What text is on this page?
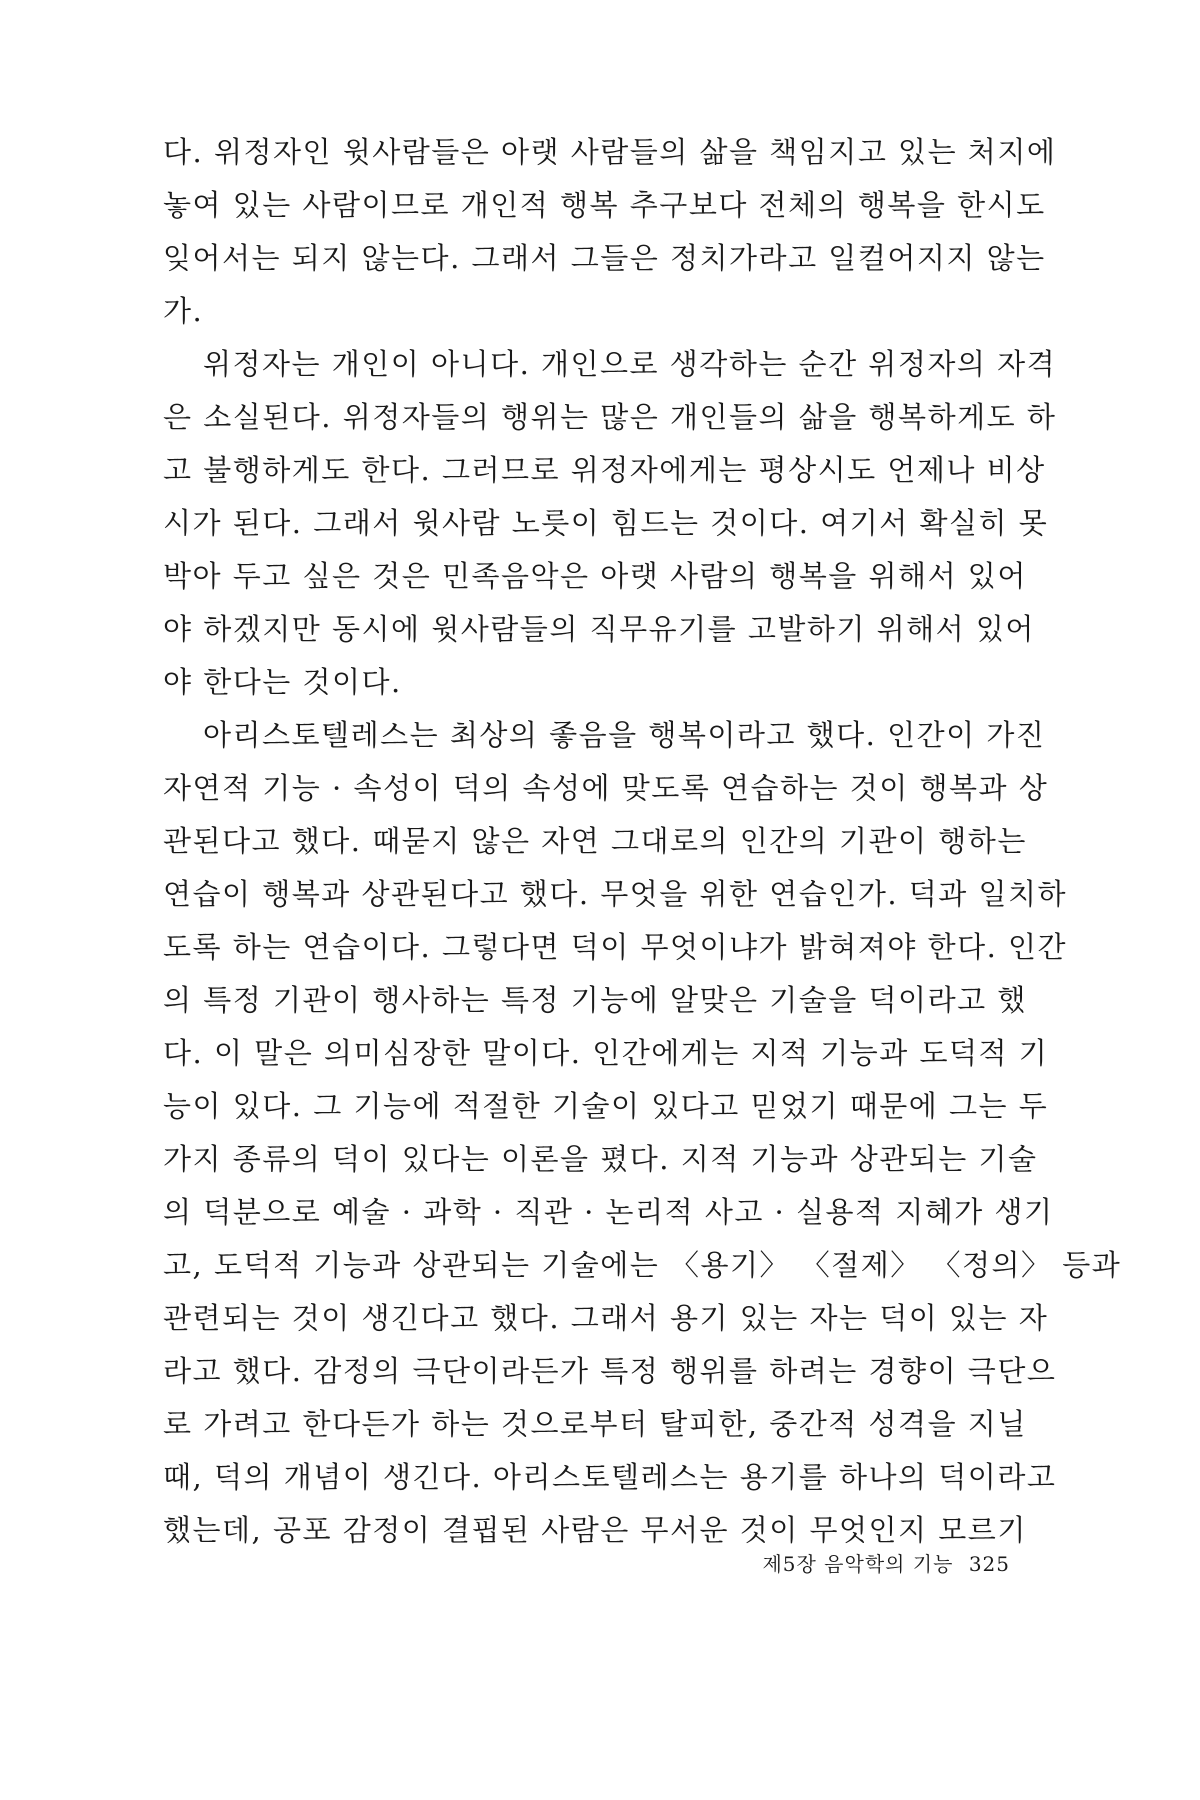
다. 위정자인 윗사람들은 아랫 사람들의 삶을 책임지고 있는 처지에
놓여 있는 사람이므로 개인적 행복 추구보다 전체의 행복을 한시도
잊어서는 되지 않는다. 그래서 그들은 정치가라고 일컬어지지 않는
가.
위정자는 개인이 아니다. 개인으로 생각하는 순간 위정자의 자격
은 소실된다. 위정자들의 행위는 많은 개인들의 삶을 행복하게도 하
고 불행하게도 한다. 그러므로 위정자에게는 평상시도 언제나 비상
시가 된다. 그래서 윗사람 노릇이 힘드는 것이다. 여기서 확실히 못
박아 두고 싶은 것은 민족음악은 아랫 사람의 행복을 위해서 있어
야 하겠지만 동시에 윗사람들의 직무유기를 고발하기 위해서 있어
야 한다는 것이다.
아리스토텔레스는 최상의 좋음을 행복이라고 했다. 인간이 가진
자연적 기능 · 속성이 덕의 속성에 맞도록 연습하는 것이 행복과 상
관된다고 했다. 때묻지 않은 자연 그대로의 인간의 기관이 행하는
연습이 행복과 상관된다고 했다. 무엇을 위한 연습인가. 덕과 일치하
도록 하는 연습이다. 그렇다면 덕이 무엇이냐가 밝혀져야 한다. 인간
의 특정 기관이 행사하는 특정 기능에 알맞은 기술을 덕이라고 했
다. 이 말은 의미심장한 말이다. 인간에게는 지적 기능과 도덕적 기
능이 있다. 그 기능에 적절한 기술이 있다고 믿었기 때문에 그는 두
가지 종류의 덕이 있다는 이론을 폈다. 지적 기능과 상관되는 기술
의 덕분으로 예술 · 과학 · 직관 · 논리적 사고 · 실용적 지혜가 생기
고, 도덕적 기능과 상관되는 기술에는 〈용기〉 〈절제〉 〈정의〉 등과
관련되는 것이 생긴다고 했다. 그래서 용기 있는 자는 덕이 있는 자
라고 했다. 감정의 극단이라든가 특정 행위를 하려는 경향이 극단으
로 가려고 한다든가 하는 것으로부터 탈피한, 중간적 성격을 지닐
때, 덕의 개념이 생긴다. 아리스토텔레스는 용기를 하나의 덕이라고
했는데, 공포 감정이 결핍된 사람은 무서운 것이 무엇인지 모르기
제5장 음악학의 기능 325
